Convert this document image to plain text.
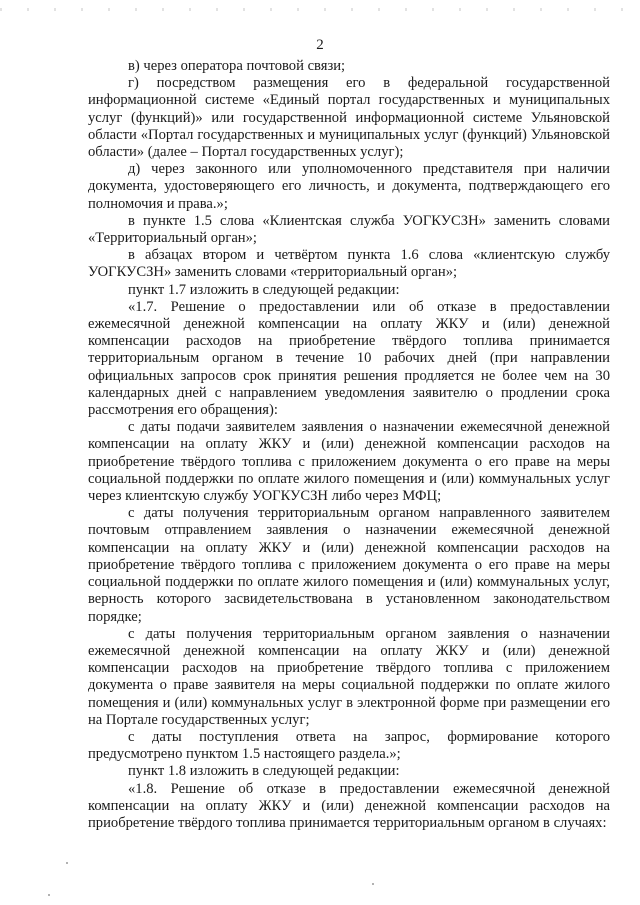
2

в) через оператора почтовой связи;

г) посредством размещения его в федеральной государственной информационной системе «Единый портал государственных и муниципальных услуг (функций)» или государственной информационной системе Ульяновской области «Портал государственных и муниципальных услуг (функций) Ульяновской области» (далее – Портал государственных услуг);

д) через законного или уполномоченного представителя при наличии документа, удостоверяющего его личность, и документа, подтверждающего его полномочия и права.»;

в пункте 1.5 слова «Клиентская служба УОГКУСЗН» заменить словами «Территориальный орган»;

в абзацах втором и четвёртом пункта 1.6 слова «клиентскую службу УОГКУСЗН» заменить словами «территориальный орган»;

пункт 1.7 изложить в следующей редакции:

«1.7. Решение о предоставлении или об отказе в предоставлении ежемесячной денежной компенсации на оплату ЖКУ и (или) денежной компенсации расходов на приобретение твёрдого топлива принимается территориальным органом в течение 10 рабочих дней (при направлении официальных запросов срок принятия решения продляется не более чем на 30 календарных дней с направлением уведомления заявителю о продлении срока рассмотрения его обращения):

с даты подачи заявителем заявления о назначении ежемесячной денежной компенсации на оплату ЖКУ и (или) денежной компенсации расходов на приобретение твёрдого топлива с приложением документа о его праве на меры социальной поддержки по оплате жилого помещения и (или) коммунальных услуг через клиентскую службу УОГКУСЗН либо через МФЦ;

с даты получения территориальным органом направленного заявителем почтовым отправлением заявления о назначении ежемесячной денежной компенсации на оплату ЖКУ и (или) денежной компенсации расходов на приобретение твёрдого топлива с приложением документа о его праве на меры социальной поддержки по оплате жилого помещения и (или) коммунальных услуг, верность которого засвидетельствована в установленном законодательством порядке;

с даты получения территориальным органом заявления о назначении ежемесячной денежной компенсации на оплату ЖКУ и (или) денежной компенсации расходов на приобретение твёрдого топлива с приложением документа о праве заявителя на меры социальной поддержки по оплате жилого помещения и (или) коммунальных услуг в электронной форме при размещении его на Портале государственных услуг;

с даты поступления ответа на запрос, формирование которого предусмотрено пунктом 1.5 настоящего раздела.»;

пункт 1.8 изложить в следующей редакции:

«1.8. Решение об отказе в предоставлении ежемесячной денежной компенсации на оплату ЖКУ и (или) денежной компенсации расходов на приобретение твёрдого топлива принимается территориальным органом в случаях:
